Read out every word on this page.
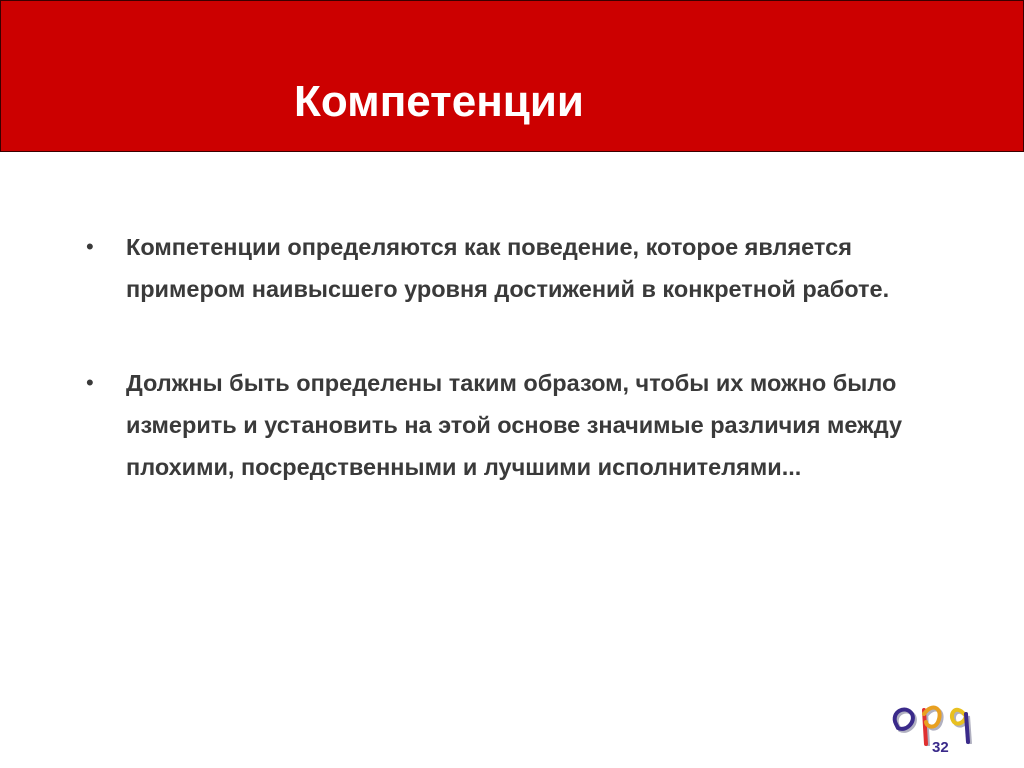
Компетенции
•	Компетенции определяются как поведение, которое является примером наивысшего уровня достижений в конкретной работе.
•	Должны быть определены таким образом, чтобы их можно было измерить и установить на этой основе значимые различия между плохими, посредственными и лучшими исполнителями...
32
